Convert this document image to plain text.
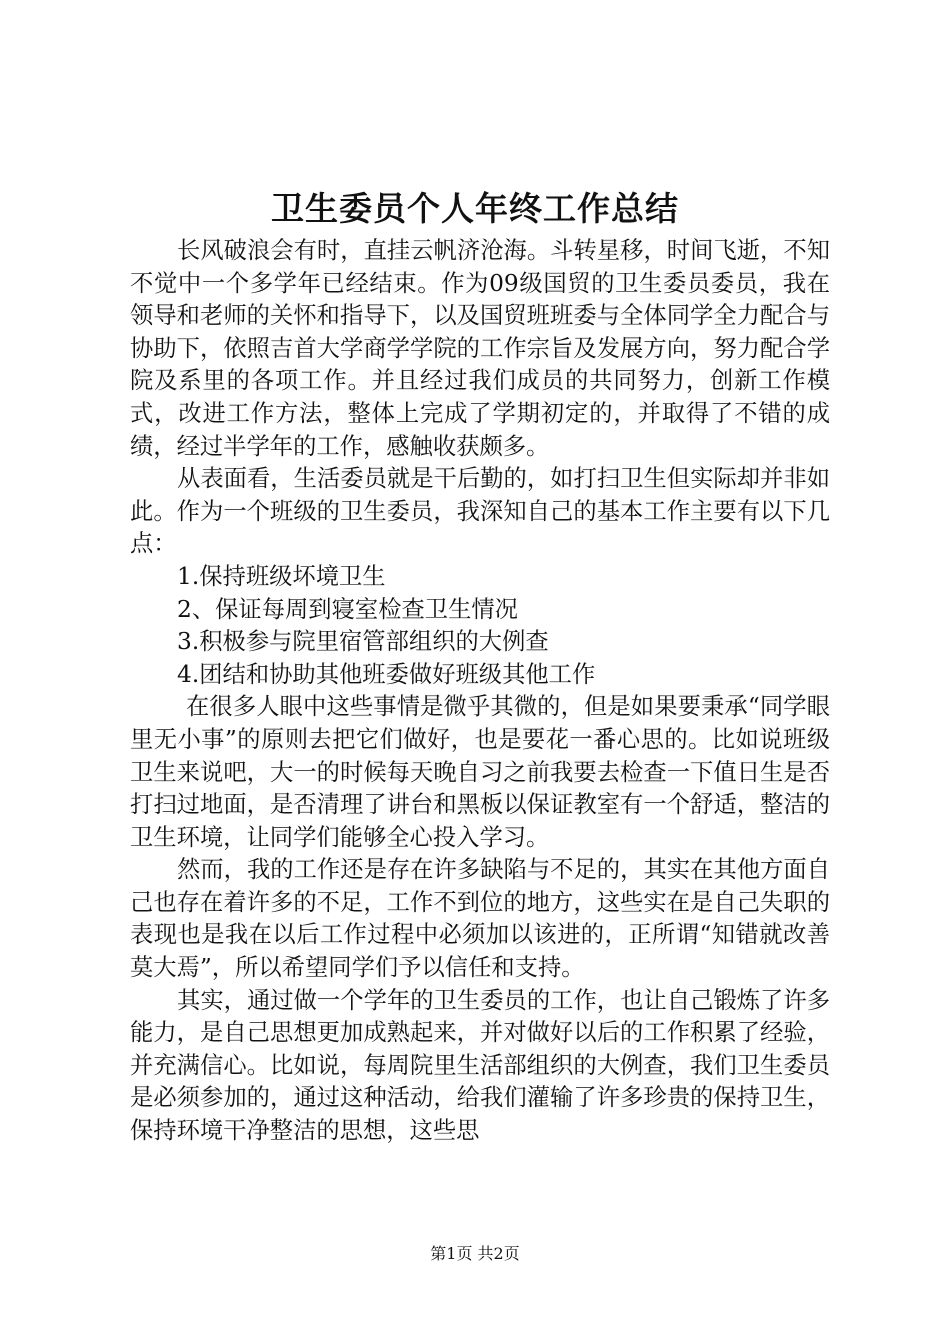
卫生委员个人年终工作总结

长风破浪会有时，直挂云帆济沧海。斗转星移，时间飞逝，不知不觉中一个多学年已经结束。作为09级国贸的卫生委员委员，我在领导和老师的关怀和指导下，以及国贸班班委与全体同学全力配合与协助下，依照吉首大学商学学院的工作宗旨及发展方向，努力配合学院及系里的各项工作。并且经过我们成员的共同努力，创新工作模式，改进工作方法，整体上完成了学期初定的，并取得了不错的成绩，经过半学年的工作，感触收获颇多。

从表面看，生活委员就是干后勤的，如打扫卫生但实际却并非如此。作为一个班级的卫生委员，我深知自己的基本工作主要有以下几点：

1.保持班级坏境卫生

2、保证每周到寝室检查卫生情况

3.积极参与院里宿管部组织的大例查

4.团结和协助其他班委做好班级其他工作

在很多人眼中这些事情是微乎其微的，但是如果要秉承“同学眼里无小事”的原则去把它们做好，也是要花一番心思的。比如说班级卫生来说吧，大一的时候每天晚自习之前我要去检查一下值日生是否打扫过地面，是否清理了讲台和黑板以保证教室有一个舒适，整洁的卫生环境，让同学们能够全心投入学习。

然而，我的工作还是存在许多缺陷与不足的，其实在其他方面自己也存在着许多的不足，工作不到位的地方，这些实在是自己失职的表现也是我在以后工作过程中必须加以该进的，正所谓“知错就改善莫大焉”，所以希望同学们予以信任和支持。

其实，通过做一个学年的卫生委员的工作，也让自己锻炼了许多能力，是自己思想更加成熟起来，并对做好以后的工作积累了经验，并充满信心。比如说，每周院里生活部组织的大例查，我们卫生委员是必须参加的，通过这种活动，给我们灌输了许多珍贵的保持卫生，保持环境干净整洁的思想，这些思

第1页 共2页
